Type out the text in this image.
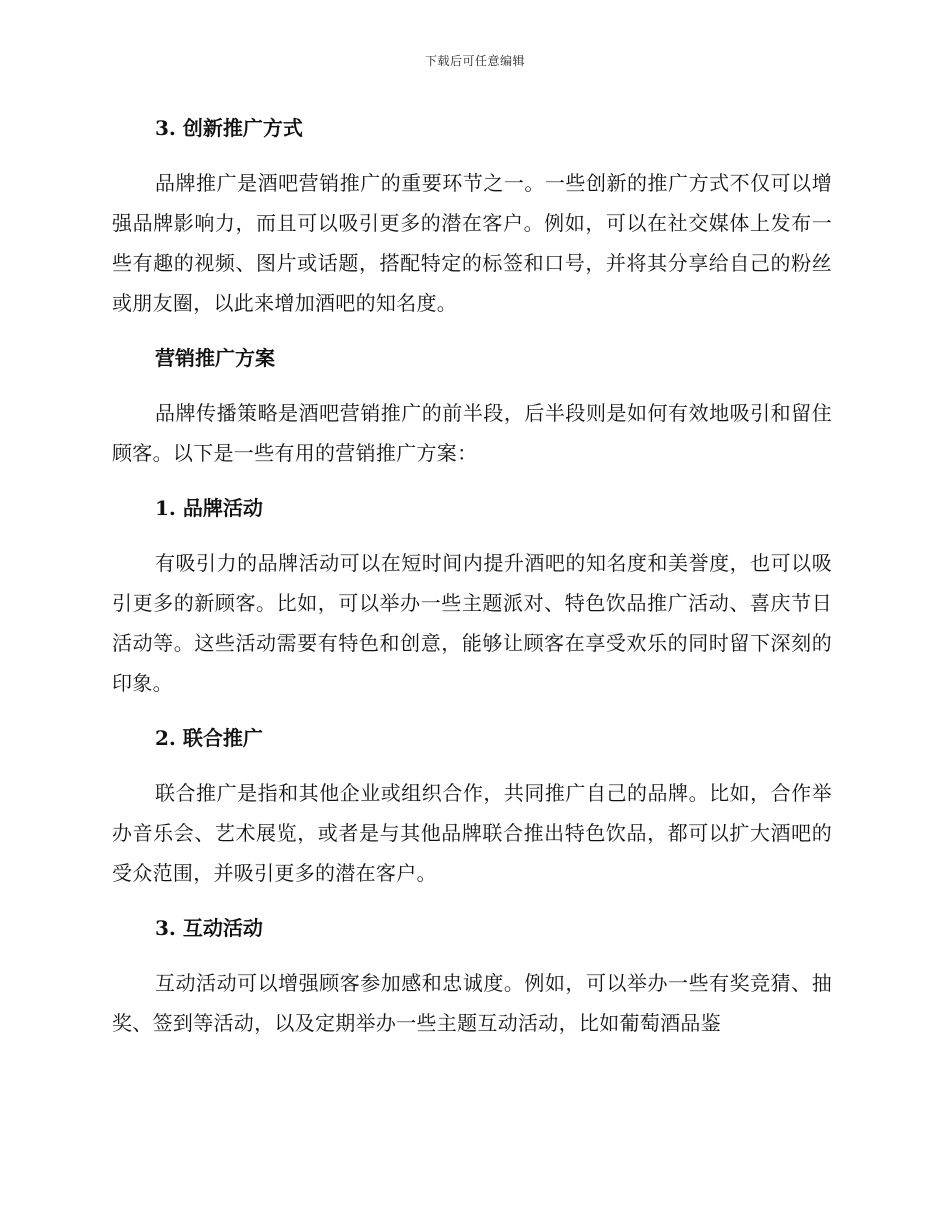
下载后可任意编辑
3. 创新推广方式

品牌推广是酒吧营销推广的重要环节之一。一些创新的推广方式不仅可以增强品牌影响力，而且可以吸引更多的潜在客户。例如，可以在社交媒体上发布一些有趣的视频、图片或话题，搭配特定的标签和口号，并将其分享给自己的粉丝或朋友圈，以此来增加酒吧的知名度。

营销推广方案

品牌传播策略是酒吧营销推广的前半段，后半段则是如何有效地吸引和留住顾客。以下是一些有用的营销推广方案：

1. 品牌活动

有吸引力的品牌活动可以在短时间内提升酒吧的知名度和美誉度，也可以吸引更多的新顾客。比如，可以举办一些主题派对、特色饮品推广活动、喜庆节日活动等。这些活动需要有特色和创意，能够让顾客在享受欢乐的同时留下深刻的印象。

2. 联合推广

联合推广是指和其他企业或组织合作，共同推广自己的品牌。比如，合作举办音乐会、艺术展览，或者是与其他品牌联合推出特色饮品，都可以扩大酒吧的受众范围，并吸引更多的潜在客户。

3. 互动活动

互动活动可以增强顾客参加感和忠诚度。例如，可以举办一些有奖竞猜、抽奖、签到等活动，以及定期举办一些主题互动活动，比如葡萄酒品鉴
